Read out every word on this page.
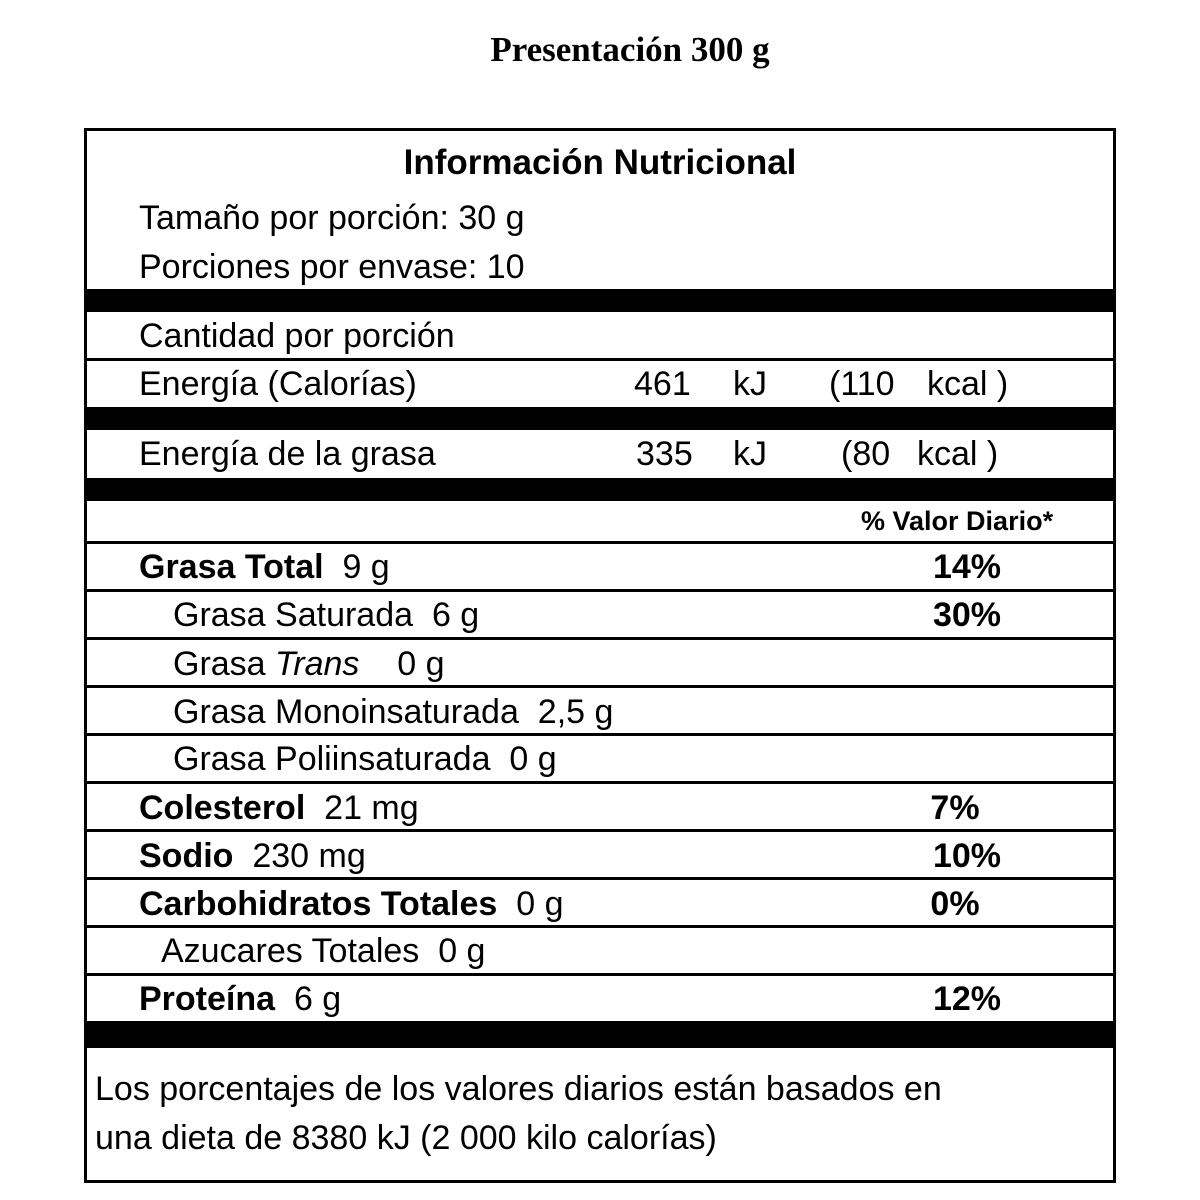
Presentación 300 g
Información Nutricional
Tamaño por porción: 30 g
Porciones por envase: 10
Cantidad por porción
Energía (Calorías)	461 kJ (110 kcal )
Energía de la grasa	335 kJ (80 kcal )
% Valor Diario*
Grasa Total 9 g	14%
Grasa Saturada 6 g	30%
Grasa Trans 0 g
Grasa Monoinsaturada 2,5 g
Grasa Poliinsaturada 0 g
Colesterol 21 mg	7%
Sodio 230 mg	10%
Carbohidratos Totales 0 g	0%
Azucares Totales 0 g
Proteína 6 g	12%
Los porcentajes de los valores diarios están basados en
una dieta de 8380 kJ (2 000 kilo calorías)
